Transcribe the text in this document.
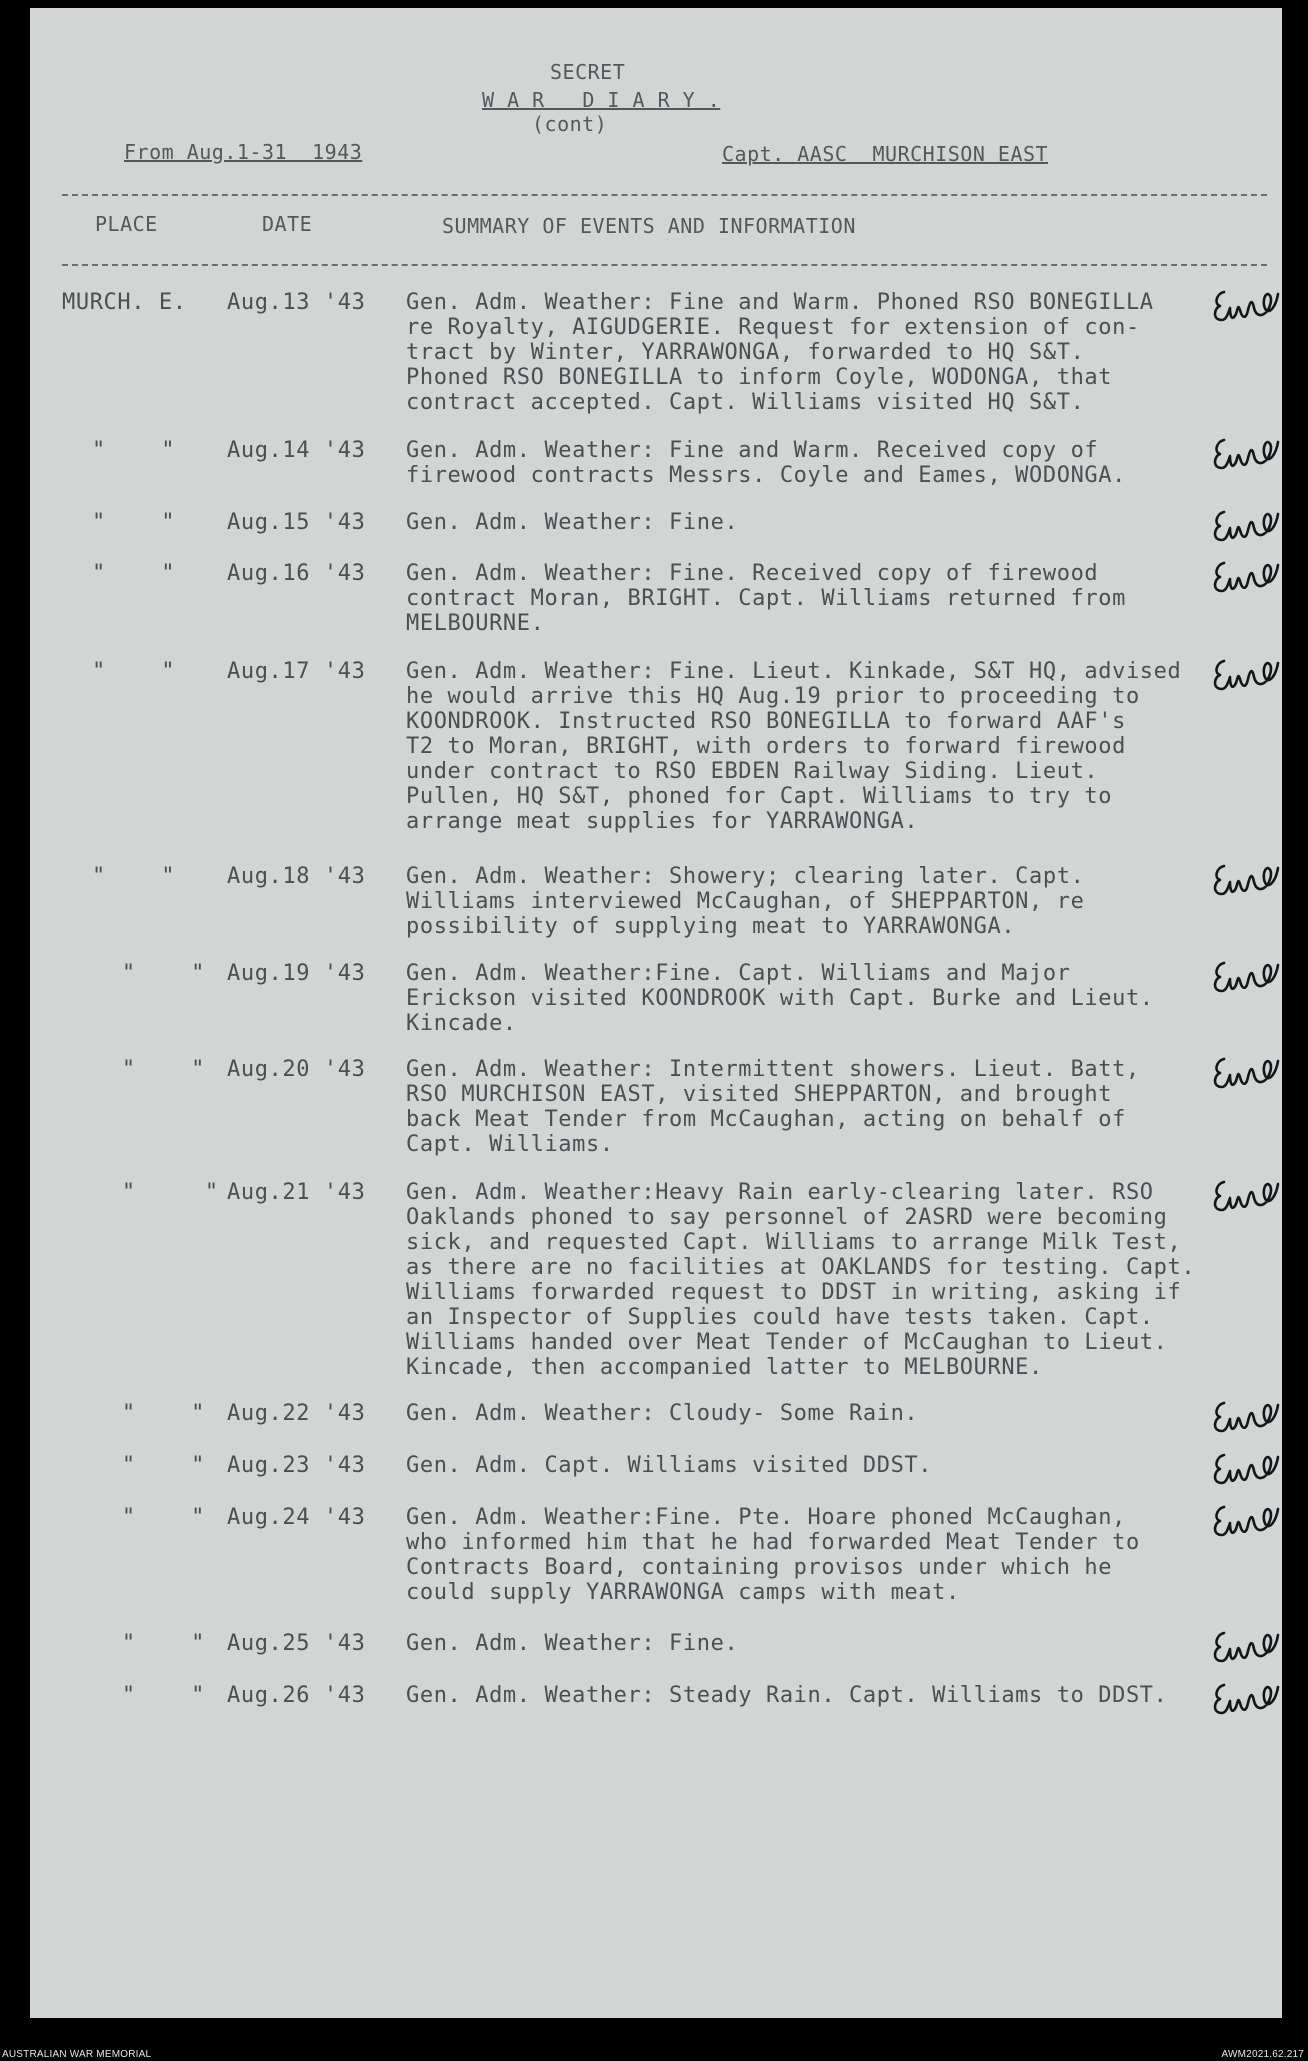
SECRET
W A R   D I A R Y .
(cont)
From Aug.1-31  1943	Capt. AASC  MURCHISON EAST
PLACE	DATE	SUMMARY OF EVENTS AND INFORMATION
MURCH. E. Aug.13 '43 Gen. Adm. Weather: Fine and Warm. Phoned RSO BONEGILLA
re Royalty, AIGUDGERIE. Request for extension of con-
tract by Winter, YARRAWONGA, forwarded to HQ S&T.
Phoned RSO BONEGILLA to inform Coyle, WODONGA, that
contract accepted. Capt. Williams visited HQ S&T.
"    " Aug.14 '43 Gen. Adm. Weather: Fine and Warm. Received copy of
firewood contracts Messrs. Coyle and Eames, WODONGA.
"    " Aug.15 '43 Gen. Adm. Weather: Fine.
"    " Aug.16 '43 Gen. Adm. Weather: Fine. Received copy of firewood
contract Moran, BRIGHT. Capt. Williams returned from
MELBOURNE.
"    " Aug.17 '43 Gen. Adm. Weather: Fine. Lieut. Kinkade, S&T HQ, advised
he would arrive this HQ Aug.19 prior to proceeding to
KOONDROOK. Instructed RSO BONEGILLA to forward AAF's
T2 to Moran, BRIGHT, with orders to forward firewood
under contract to RSO EBDEN Railway Siding. Lieut.
Pullen, HQ S&T, phoned for Capt. Williams to try to
arrange meat supplies for YARRAWONGA.
"    " Aug.18 '43 Gen. Adm. Weather: Showery; clearing later. Capt.
Williams interviewed McCaughan, of SHEPPARTON, re
possibility of supplying meat to YARRAWONGA.
"    " Aug.19 '43 Gen. Adm. Weather:Fine. Capt. Williams and Major
Erickson visited KOONDROOK with Capt. Burke and Lieut.
Kincade.
"    " Aug.20 '43 Gen. Adm. Weather: Intermittent showers. Lieut. Batt,
RSO MURCHISON EAST, visited SHEPPARTON, and brought
back Meat Tender from McCaughan, acting on behalf of
Capt. Williams.
"     " Aug.21 '43 Gen. Adm. Weather:Heavy Rain early-clearing later. RSO
Oaklands phoned to say personnel of 2ASRD were becoming
sick, and requested Capt. Williams to arrange Milk Test,
as there are no facilities at OAKLANDS for testing. Capt.
Williams forwarded request to DDST in writing, asking if
an Inspector of Supplies could have tests taken. Capt.
Williams handed over Meat Tender of McCaughan to Lieut.
Kincade, then accompanied latter to MELBOURNE.
"    " Aug.22 '43 Gen. Adm. Weather: Cloudy- Some Rain.
"    " Aug.23 '43 Gen. Adm. Capt. Williams visited DDST.
"    " Aug.24 '43 Gen. Adm. Weather:Fine. Pte. Hoare phoned McCaughan,
who informed him that he had forwarded Meat Tender to
Contracts Board, containing provisos under which he
could supply YARRAWONGA camps with meat.
"    " Aug.25 '43 Gen. Adm. Weather: Fine.
"    " Aug.26 '43 Gen. Adm. Weather: Steady Rain. Capt. Williams to DDST.
AUSTRALIAN WAR MEMORIAL	AWM2021.62.217
